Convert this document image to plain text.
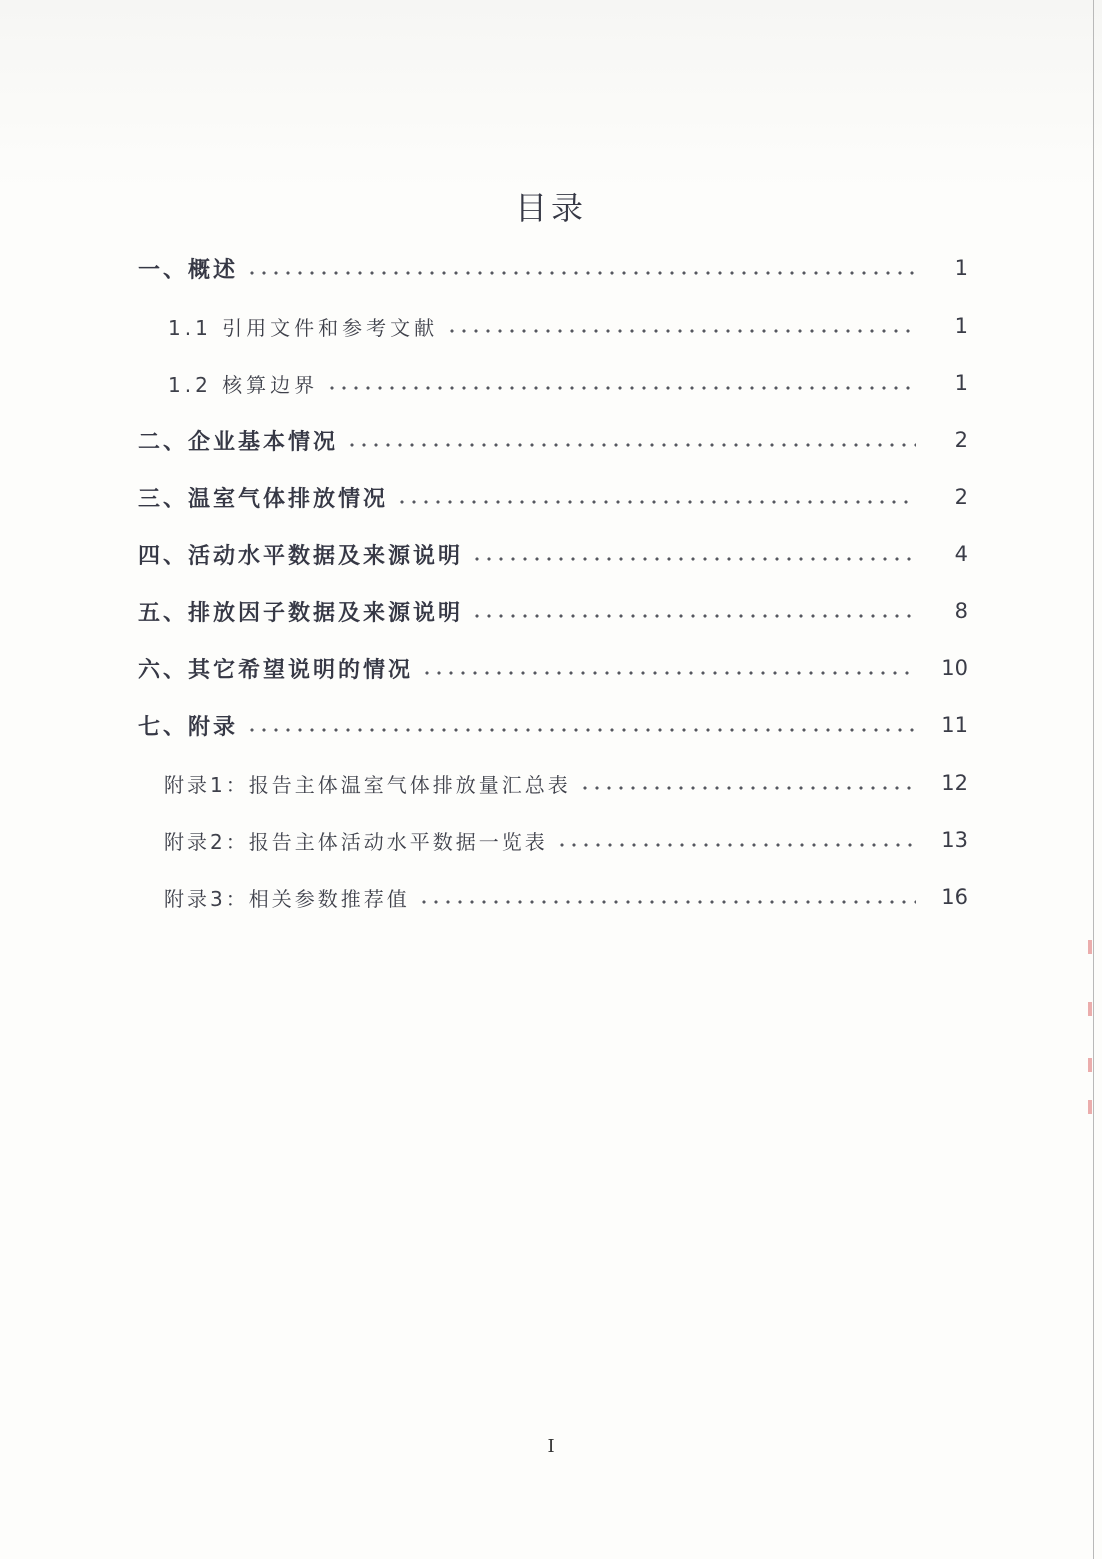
目录
一、概述	1
1.1 引用文件和参考文献	1
1.2 核算边界	1
二、企业基本情况	2
三、温室气体排放情况	2
四、活动水平数据及来源说明	4
五、排放因子数据及来源说明	8
六、其它希望说明的情况	10
七、附录	11
附录1：报告主体温室气体排放量汇总表	12
附录2：报告主体活动水平数据一览表	13
附录3：相关参数推荐值	16
I
